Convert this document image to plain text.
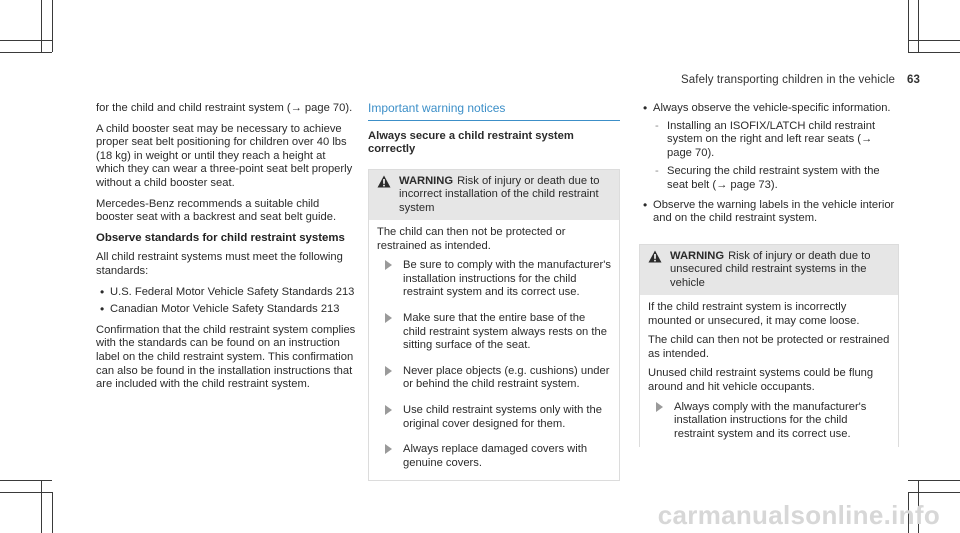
Safely transporting children in the vehicle 63

for the child and child restraint system (→ page 70).

A child booster seat may be necessary to achieve proper seat belt positioning for children over 40 lbs (18 kg) in weight or until they reach a height at which they can wear a three-point seat belt properly without a child booster seat.

Mercedes-Benz recommends a suitable child booster seat with a backrest and seat belt guide.

Observe standards for child restraint systems

All child restraint systems must meet the following standards:

• U.S. Federal Motor Vehicle Safety Standards 213
• Canadian Motor Vehicle Safety Standards 213

Confirmation that the child restraint system complies with the standards can be found on an instruction label on the child restraint system. This confirmation can also be found in the installation instructions that are included with the child restraint system.

Important warning notices
Always secure a child restraint system correctly
WARNING Risk of injury or death due to incorrect installation of the child restraint system

The child can then not be protected or restrained as intended.

Be sure to comply with the manufacturer's installation instructions for the child restraint system and its correct use.
Make sure that the entire base of the child restraint system always rests on the sitting surface of the seat.
Never place objects (e.g. cushions) under or behind the child restraint system.
Use child restraint systems only with the original cover designed for them.
Always replace damaged covers with genuine covers.
• Always observe the vehicle-specific information.
- Installing an ISOFIX/LATCH child restraint system on the right and left rear seats (→ page 70).
- Securing the child restraint system with the seat belt (→ page 73).
• Observe the warning labels in the vehicle interior and on the child restraint system.
WARNING Risk of injury or death due to unsecured child restraint systems in the vehicle

If the child restraint system is incorrectly mounted or unsecured, it may come loose.

The child can then not be protected or restrained as intended.

Unused child restraint systems could be flung around and hit vehicle occupants.

Always comply with the manufacturer's installation instructions for the child restraint system and its correct use.
carmanualsonline.info
